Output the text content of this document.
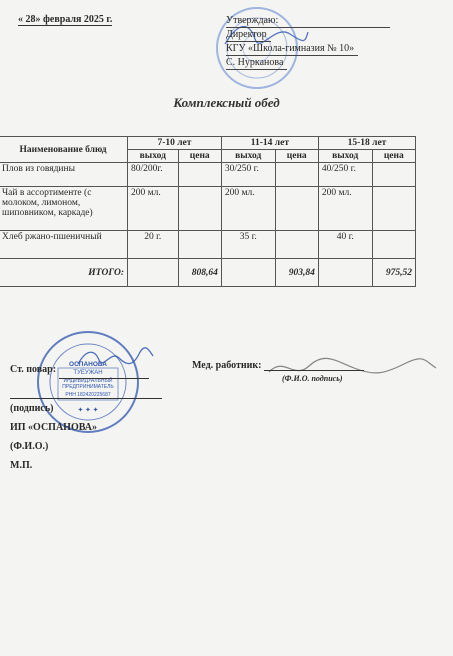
« 28» февраля 2025 г.	Утверждаю:
Директор
КГУ «Школа-гимназия № 10»
С. Нурканова
Комплексный обед
Наименование блюд	7-10 лет		11-14 лет		15-18 лет	
	выход	цена	выход	цена	выход	цена
Плов из говядины	80/200г.		30/250 г.		40/250 г.	
Чай в ассортименте (с молоком, лимоном, шиповником, каркаде)	200 мл.		200 мл.		200 мл.	
Хлеб ржано-пшеничный	20 г.		35 г.		40 г.	
ИТОГО:		808,64		903,84		975,52
ОСПАНОВА
ТУЕУЖАН
ИНДИВИДУАЛЬНЫЙ
ПРЕДПРИНИМАТЕЛЬ
РНН 182420225687
✦ ✦ ✦
Ст. повар:

(подпись)
ИП «ОСПАНОВА»
(Ф.И.О.)
М.П.
Мед. работник:
(Ф.И.О. подпись)
